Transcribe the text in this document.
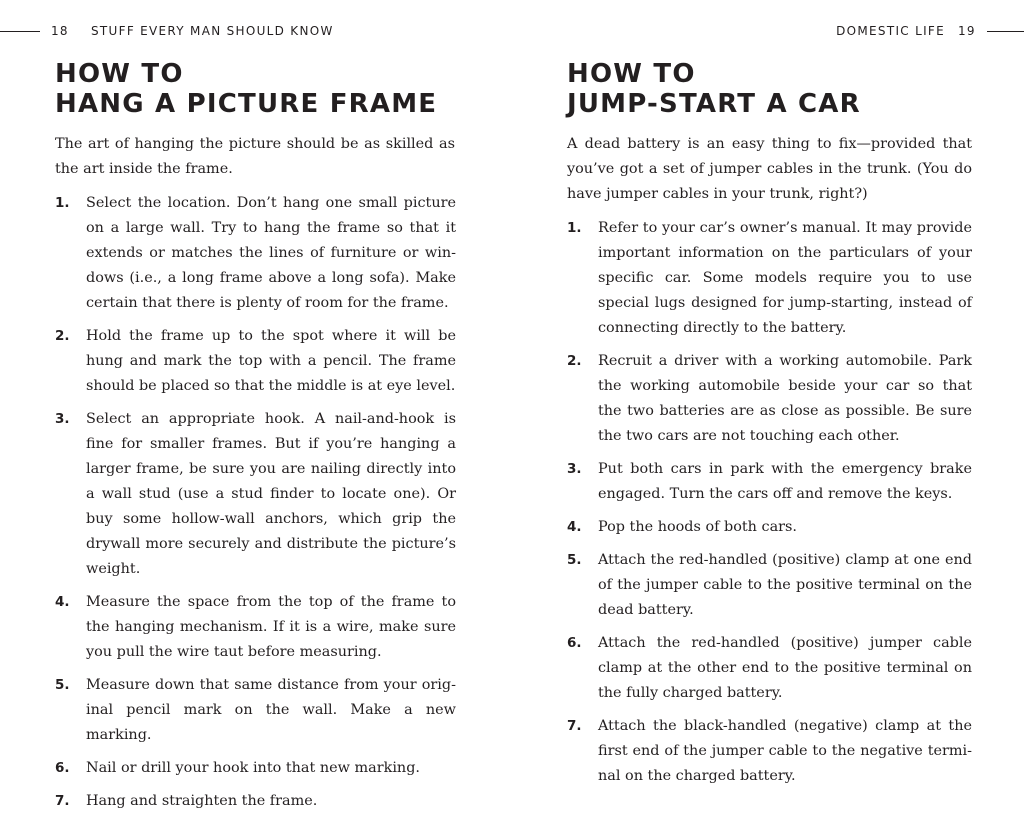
18 STUFF EVERY MAN SHOULD KNOW
HOW TO
HANG A PICTURE FRAME

The art of hanging the picture should be as skilled as the art inside the frame.

1. Select the location. Don’t hang one small picture on a large wall. Try to hang the frame so that it extends or matches the lines of furniture or windows (i.e., a long frame above a long sofa). Make certain that there is plenty of room for the frame.
2. Hold the frame up to the spot where it will be hung and mark the top with a pencil. The frame should be placed so that the middle is at eye level.
3. Select an appropriate hook. A nail-and-hook is fine for smaller frames. But if you’re hanging a larger frame, be sure you are nailing directly into a wall stud (use a stud finder to locate one). Or buy some hollow-wall anchors, which grip the drywall more securely and distribute the picture’s weight.
4. Measure the space from the top of the frame to the hanging mechanism. If it is a wire, make sure you pull the wire taut before measuring.
5. Measure down that same distance from your original pencil mark on the wall. Make a new marking.
6. Nail or drill your hook into that new marking.
7. Hang and straighten the frame.
DOMESTIC LIFE 19
HOW TO
JUMP-START A CAR

A dead battery is an easy thing to fix—provided that you’ve got a set of jumper cables in the trunk. (You do have jumper cables in your trunk, right?)

1. Refer to your car’s owner’s manual. It may provide important information on the particulars of your specific car. Some models require you to use special lugs designed for jump-starting, instead of connecting directly to the battery.
2. Recruit a driver with a working automobile. Park the working automobile beside your car so that the two batteries are as close as possible. Be sure the two cars are not touching each other.
3. Put both cars in park with the emergency brake engaged. Turn the cars off and remove the keys.
4. Pop the hoods of both cars.
5. Attach the red-handled (positive) clamp at one end of the jumper cable to the positive terminal on the dead battery.
6. Attach the red-handled (positive) jumper cable clamp at the other end to the positive terminal on the fully charged battery.
7. Attach the black-handled (negative) clamp at the first end of the jumper cable to the negative terminal on the charged battery.
